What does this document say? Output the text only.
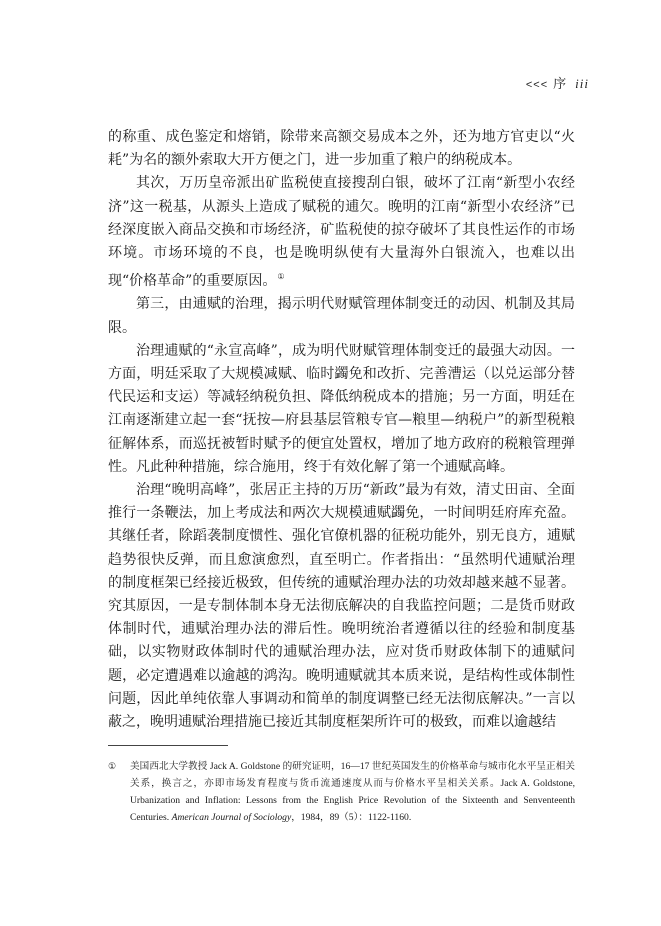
<<< 序 iii

的称重、成色鉴定和熔销，除带来高额交易成本之外，还为地方官吏以“火耗”为名的额外索取大开方便之门，进一步加重了粮户的纳税成本。

其次，万历皇帝派出矿监税使直接搜刮白银，破坏了江南“新型小农经济”这一税基，从源头上造成了赋税的逋欠。晚明的江南“新型小农经济”已经深度嵌入商品交换和市场经济，矿监税使的掠夺破坏了其良性运作的市场环境。市场环境的不良，也是晚明纵使有大量海外白银流入，也难以出现“价格革命”的重要原因。①

第三，由逋赋的治理，揭示明代财赋管理体制变迁的动因、机制及其局限。

治理逋赋的“永宣高峰”，成为明代财赋管理体制变迁的最强大动因。一方面，明廷采取了大规模减赋、临时蠲免和改折、完善漕运（以兑运部分替代民运和支运）等减轻纳税负担、降低纳税成本的措施；另一方面，明廷在江南逐渐建立起一套“抚按—府县基层管粮专官—粮里—纳税户”的新型税粮征解体系，而巡抚被暂时赋予的便宜处置权，增加了地方政府的税粮管理弹性。凡此种种措施，综合施用，终于有效化解了第一个逋赋高峰。

治理“晚明高峰”，张居正主持的万历“新政”最为有效，清丈田亩、全面推行一条鞭法，加上考成法和两次大规模逋赋蠲免，一时间明廷府库充盈。其继任者，除蹈袭制度惯性、强化官僚机器的征税功能外，别无良方，逋赋趋势很快反弹，而且愈演愈烈，直至明亡。作者指出：“虽然明代逋赋治理的制度框架已经接近极致，但传统的逋赋治理办法的功效却越来越不显著。究其原因，一是专制体制本身无法彻底解决的自我监控问题；二是货币财政体制时代，逋赋治理办法的滞后性。晚明统治者遵循以往的经验和制度基础，以实物财政体制时代的逋赋治理办法，应对货币财政体制下的逋赋问题，必定遭遇难以逾越的鸿沟。晚明逋赋就其本质来说，是结构性或体制性问题，因此单纯依靠人事调动和简单的制度调整已经无法彻底解决。”一言以蔽之，晚明逋赋治理措施已接近其制度框架所许可的极致，而难以逾越结

① 美国西北大学教授 Jack A. Goldstone 的研究证明，16—17 世纪英国发生的价格革命与城市化水平呈正相关关系，换言之，亦即市场发育程度与货币流通速度从而与价格水平呈相关关系。Jack A. Goldstone, Urbanization and Inflation: Lessons from the English Price Revolution of the Sixteenth and Senventeenth Centuries. American Journal of Sociology，1984，89（5）：1122-1160.
